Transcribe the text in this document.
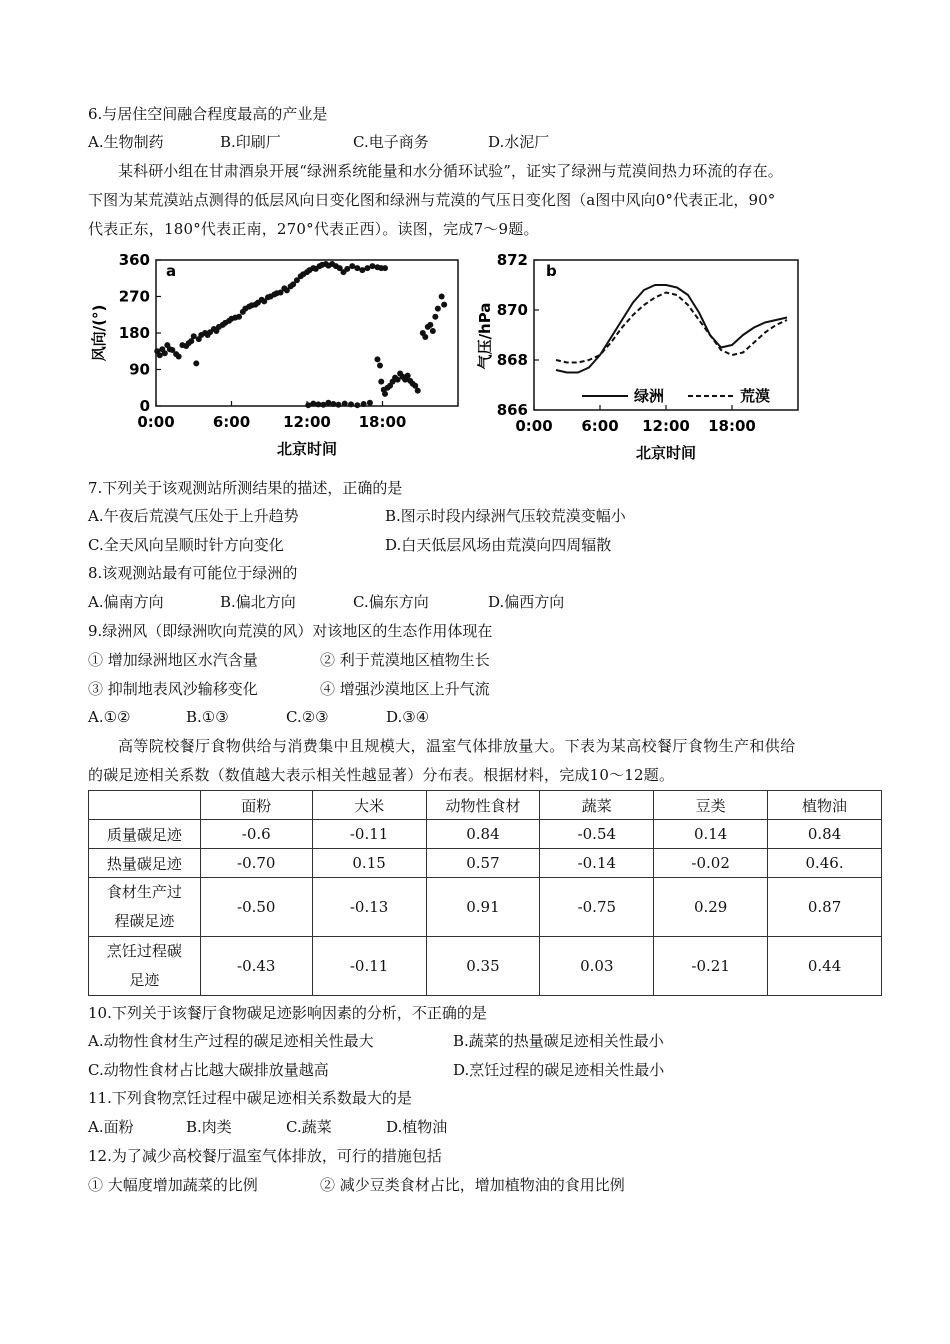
6.与居住空间融合程度最高的产业是
A.生物制药	B.印刷厂	C.电子商务	D.水泥厂
某科研小组在甘肃酒泉开展“绿洲系统能量和水分循环试验”，证实了绿洲与荒漠间热力环流的存在。
下图为某荒漠站点测得的低层风向日变化图和绿洲与荒漠的气压日变化图（a图中风向0°代表正北，90°
代表正东，180°代表正南，270°代表正西）。读图，完成7～9题。
a
0
90
180
270
360
0:00	6:00 12:00 18:00
风向/(°)
北京时间
b
866
868
870
872
0:00 6:00 12:00 18:00
绿洲	荒漠
气压/hPa
北京时间
7.下列关于该观测站所测结果的描述，正确的是
A.午夜后荒漠气压处于上升趋势	B.图示时段内绿洲气压较荒漠变幅小
C.全天风向呈顺时针方向变化	D.白天低层风场由荒漠向四周辐散
8.该观测站最有可能位于绿洲的
A.偏南方向	B.偏北方向	C.偏东方向	D.偏西方向
9.绿洲风（即绿洲吹向荒漠的风）对该地区的生态作用体现在
① 增加绿洲地区水汽含量	② 利于荒漠地区植物生长
③ 抑制地表风沙输移变化	④ 增强沙漠地区上升气流
A.①②	B.①③	C.②③	D.③④
高等院校餐厅食物供给与消费集中且规模大，温室气体排放量大。下表为某高校餐厅食物生产和供给
的碳足迹相关系数（数值越大表示相关性越显著）分布表。根据材料，完成10～12题。
	面粉	大米	动物性食材	蔬菜	豆类	植物油
质量碳足迹	-0.6	-0.11	0.84	-0.54	0.14	0.84
热量碳足迹	-0.70	0.15	0.57	-0.14	-0.02	0.46.
食材生产过
程碳足迹	-0.50	-0.13	0.91	-0.75	0.29	0.87
烹饪过程碳
足迹	-0.43	-0.11	0.35	0.03	-0.21	0.44
10.下列关于该餐厅食物碳足迹影响因素的分析，不正确的是
A.动物性食材生产过程的碳足迹相关性最大	B.蔬菜的热量碳足迹相关性最小
C.动物性食材占比越大碳排放量越高	D.烹饪过程的碳足迹相关性最小
11.下列食物烹饪过程中碳足迹相关系数最大的是
A.面粉	B.肉类	C.蔬菜	D.植物油
12.为了减少高校餐厅温室气体排放，可行的措施包括
① 大幅度增加蔬菜的比例	② 减少豆类食材占比，增加植物油的食用比例
